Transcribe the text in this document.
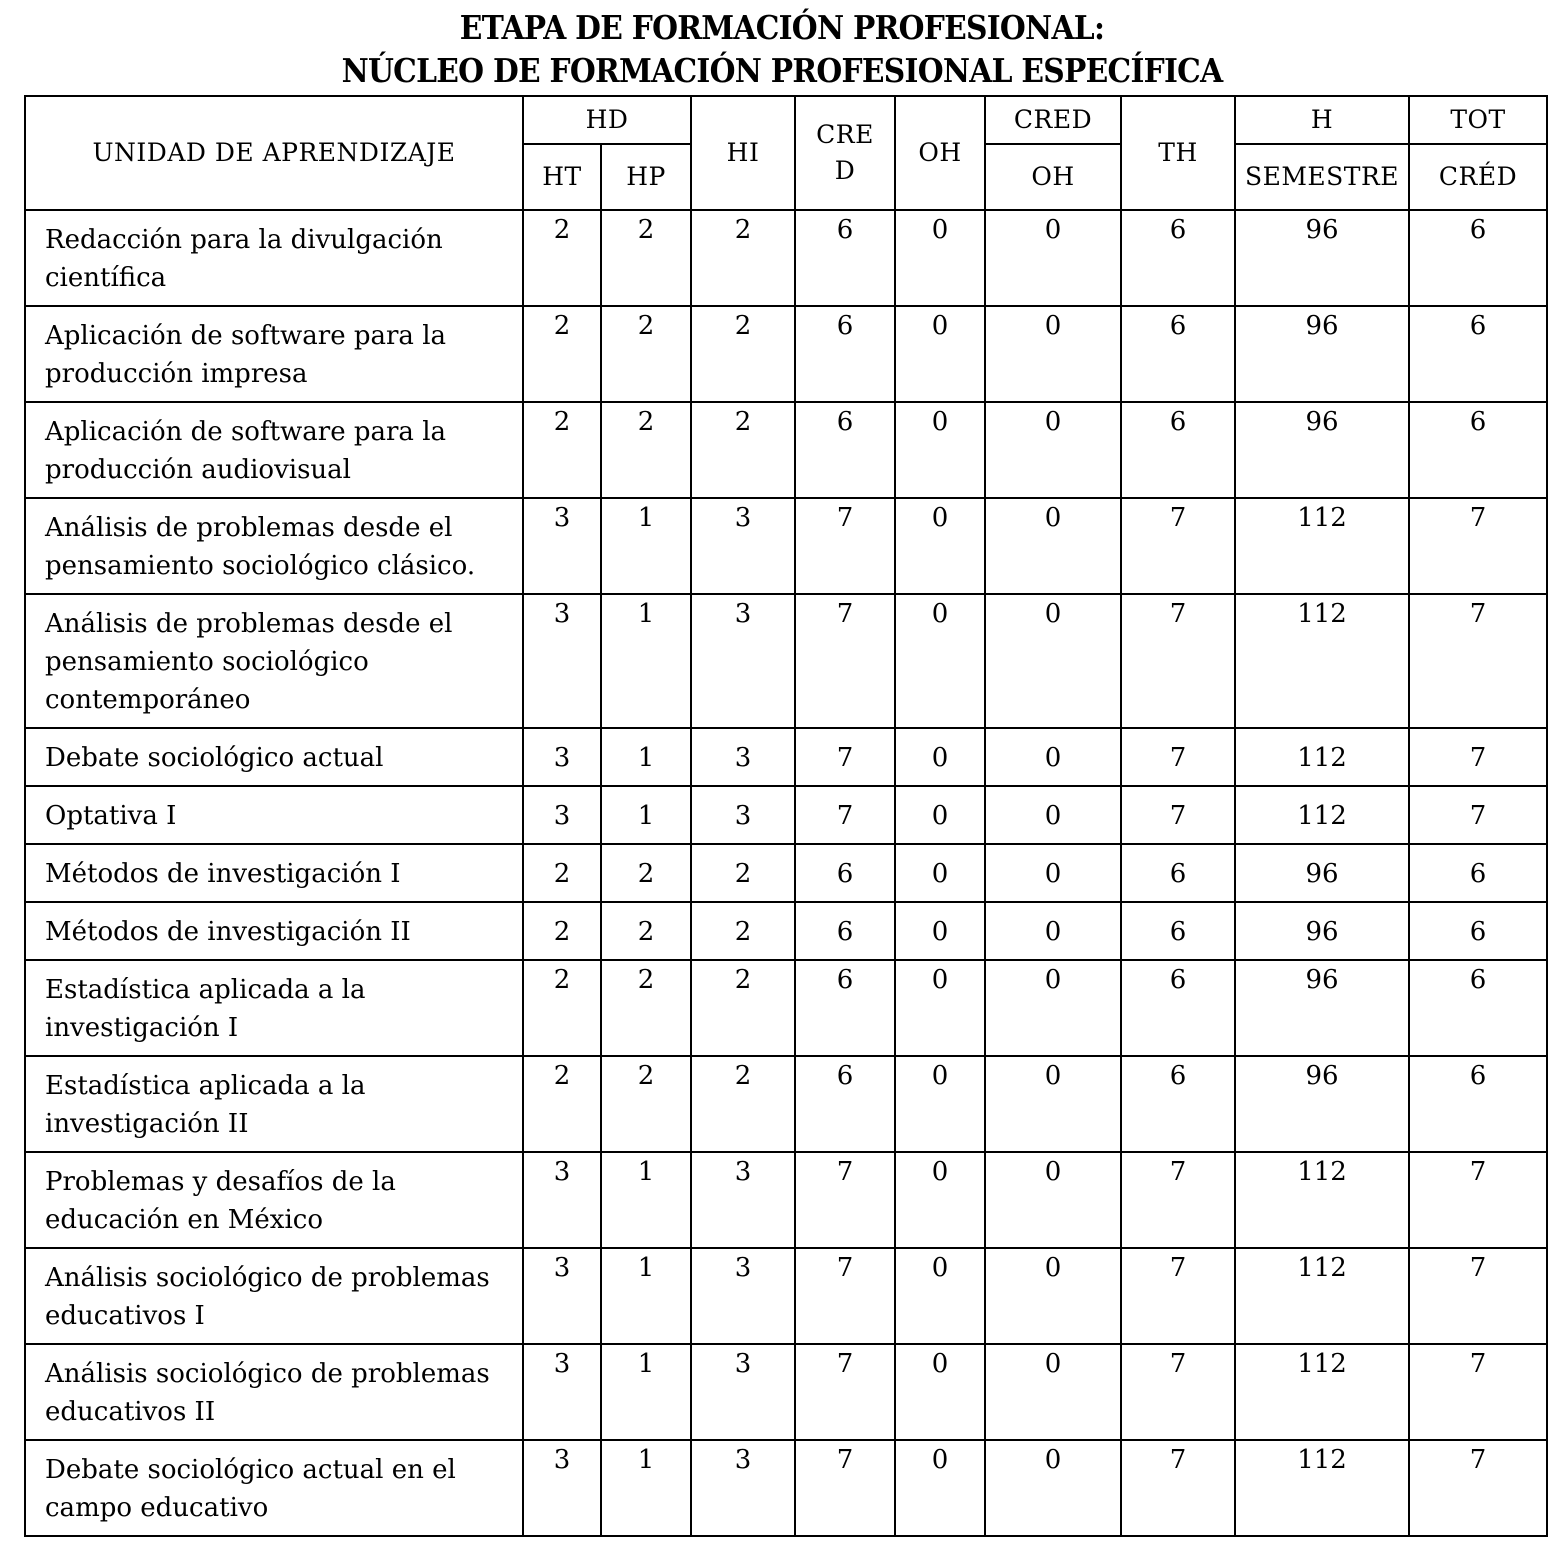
ETAPA DE FORMACIÓN PROFESIONAL:
NÚCLEO DE FORMACIÓN PROFESIONAL ESPECÍFICA
UNIDAD DE APRENDIZAJE	HD		HI	CRED	OH	CRED	TH	H	TOT
	HT	HP				OH		SEMESTRE	CRÉD
Redacción para la divulgación científica	2	2	2	6	0	0	6	96	6
Aplicación de software para la producción impresa	2	2	2	6	0	0	6	96	6
Aplicación de software para la producción audiovisual	2	2	2	6	0	0	6	96	6
Análisis de problemas desde el pensamiento sociológico clásico.	3	1	3	7	0	0	7	112	7
Análisis de problemas desde el pensamiento sociológico contemporáneo	3	1	3	7	0	0	7	112	7
Debate sociológico actual	3	1	3	7	0	0	7	112	7
Optativa I	3	1	3	7	0	0	7	112	7
Métodos de investigación I	2	2	2	6	0	0	6	96	6
Métodos de investigación II	2	2	2	6	0	0	6	96	6
Estadística aplicada a la investigación I	2	2	2	6	0	0	6	96	6
Estadística aplicada a la investigación II	2	2	2	6	0	0	6	96	6
Problemas y desafíos de la educación en México	3	1	3	7	0	0	7	112	7
Análisis sociológico de problemas educativos I	3	1	3	7	0	0	7	112	7
Análisis sociológico de problemas educativos II	3	1	3	7	0	0	7	112	7
Debate sociológico actual en el campo educativo	3	1	3	7	0	0	7	112	7
